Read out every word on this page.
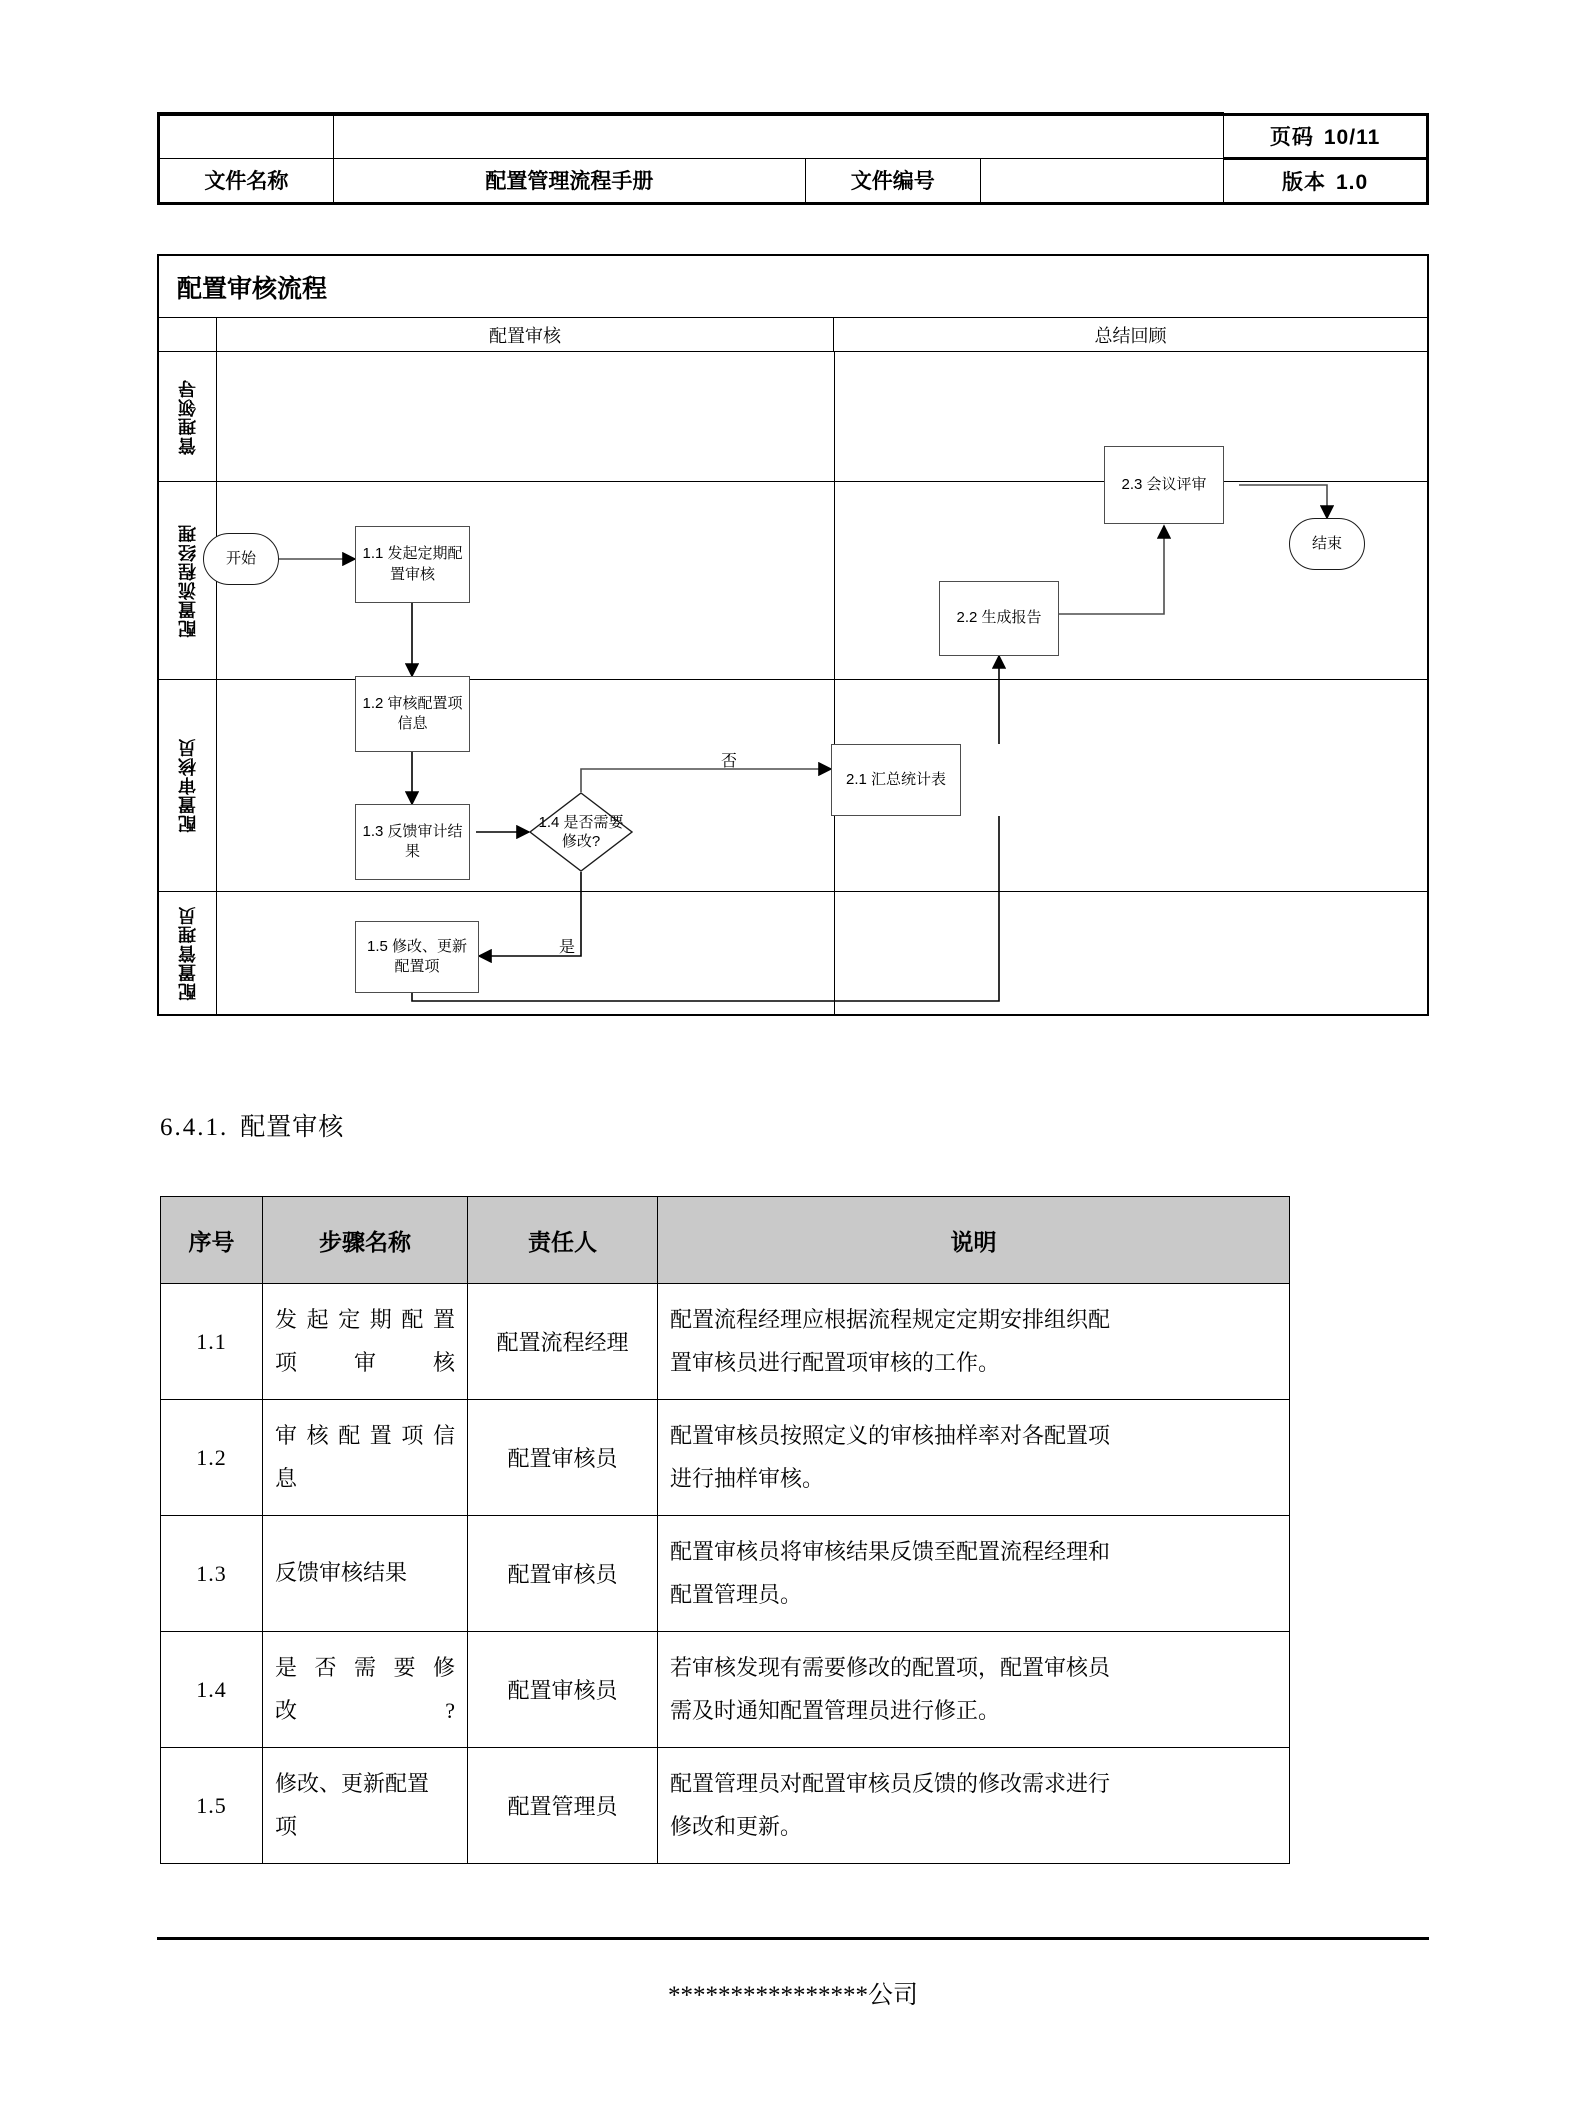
				页码 10/11
文件名称	配置管理流程手册	文件编号		版本 1.0
配置审核流程
配置审核	总结回顾
管理领导
配置流程经理
配置审核员
配置管理员
开始	1.1 发起定期配
置审核
1.2 审核配置项
信息
1.3 反馈审计结
果
1.4 是否需要
修改?
1.5 修改、更新
配置项
2.1 汇总统计表
2.2 生成报告
2.3 会议评审
结束
否
是
6.4.1. 配置审核
序号	步骤名称	责任人	说明
1.1	发起定期配置
项审核	配置流程经理	配置流程经理应根据流程规定定期安排组织配
置审核员进行配置项审核的工作。
1.2	审核配置项信
息	配置审核员	配置审核员按照定义的审核抽样率对各配置项
进行抽样审核。
1.3	反馈审核结果	配置审核员	配置审核员将审核结果反馈至配置流程经理和
配置管理员。
1.4	是否需要修
改?	配置审核员	若审核发现有需要修改的配置项，配置审核员
需及时通知配置管理员进行修正。
1.5	修改、更新配置
项	配置管理员	配置管理员对配置审核员反馈的修改需求进行
修改和更新。
****************公司
